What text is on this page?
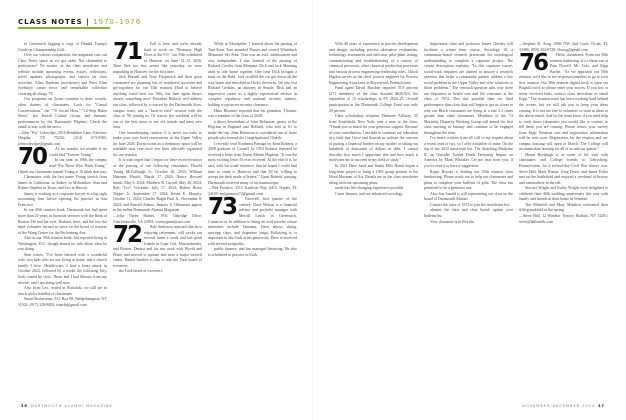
CLASS NOTES | 1970–1976

in Greenwich lugging a copy of Donald Trump's Guide on Championship Golf.

Over our various conjunction, the magazine cuts our Class Notes space as we get older. Not channeled to professions? No matter, as the class newsletter and website include upcoming events, essays, reflections, travel updates, photographs, and reports on class activities. Allen Dunham (newsletter) and Peter Elias (website) curate news and remarkable collection covering all things '70.

Our programs on Zoom continue to draw crowds, often dozens of classmates. Look for "Casual Conversations," the "'70 Social Hour," "12-Step Baker Street," the Jewish Culture Group, and thematic performances by the Dartmouth Pilgrims. Check the email to stay with the news.

—John "Pat" Colavolpe, 2016 Breakline Lane, Fairview Heights, TX 75234; (214) 673-9385; johncolavolpe@gmail.com

70	As we wander, we wonder if we could find "Forever Young."

In our stint, in 1966, the campus read "For Those Who Think Young." I think our classmates named Young at 18 think that way.

Classmates with the last name Young stretch from James in California, to Sidney in Milwaukee, Stan and Robert Stephen in Texas, and Leo in Hawaii.

James is working as a corporate lawyer at a big sight accounting firm before opening his practice in San Francisco.

In our 50th reunion book, Dartmouth has had spent more than 20 years in financial services with the Bank of Boston. He and his wife, Barbara, have, and the two the third volunteer invited to serve on the board of trustees of the Wang Center for the Performing Arts.

Also in our 50th reunion book, Sid reported living in Washington, D.C. though shared no info about what he was doing.

Stan writes, "I've been blessed with a wonderful wife, two kids who are not living at home, and a church family I love. Health-wise, I had a heart attack in October 2022, followed by a stroke the following July, both caused by clots. These and I had fibrosis from my service, and I am doing well now.

Also from Leo, retired in Honolulu, we still are in touch with a handful of classmates.

Stuart Bochesman, P.O. Box 88, Bridgehampton, NY 11932; (917) 328-0082; stuartb@gmail.com

71	Fall is here and we're already hard at work on "Reunion: High Fives at the 5-0," our 55th scheduled in Hanover on June 12–15, 2026. Time flies too fast, seems like yesterday we were unpacking in Hanover for the first time.

Jack Burnell and Tony Fitzpatrick and their great committee are planning lots of wonderful activities and get-togethers for our 55th reunion. Hard to believe anything could beat our 50th, but then again there's always something new! President Beilock will address our class, followed by a concert by the Dartmouth Aires, campus tours, and a "back-to-class" session with the class of '96 joining us. Of course, the weekend will be one of the best times to see old friends and meet new ones.

One housekeeping caution. It is never too early to make your own hotel reservations in the Upper Valley for June 2026. Dorm rooms as a dormitory space will be available next year once you have officially registered for our reunion.

It is with regret that I report we have received notice of the passing of our following classmates: Harold Young McCullough Jr., October 26, 2023; William Hammer Mesirh, March 17, 2024; Nancy Howard Smith, May 6, 2024; Matthew B. Carroll, May 28, 2024; Bob "Leo" Volckstin, July 17, 2024; Robert Bruce Tepper Jr., September 17, 2024; Kevin E. Murphy, October 11, 2024; Charles Ralph Paul Jr., November 8, 2024; and Russell Adams, January 6. Obituaries appear in the online Dartmouth Alumni Magazine.

—John Owen Haines, 1931 Oakridge Drive, Charlottesville, VA 22903; vomnygmm@aol.com

72	Bob Anderson reported that he is enjoying retirement, still works out several times a week and has great friends in Cape Cod, Massachusetts, and Boston. Dentist and his son work with Wyeth and Pfizer and moved to upstate and near a major biotech center. Daniel Sanders is also to ride the Tuck board of overseers.

the Tuck board of overseers.

While in Montpelier, I learned about the passing of Tom Kent. Tom attended Thayer and owned Whiteback Mountain Ski Area. Tom was an avid outdoorsman and very independent. I also learned of the passing of Richard Cowles from Montana. Dick and Jack Manning used to ride home together. One time Dick brought a mast on the Kuhl. Jack recalled the car got down all the way home and then died in Dick's driveway. We also lost Richard Gedalas, an attorney in Seattle. Rick had an impressive career as a highly experienced advisor in complex regulatory and national security matters, holding a top-secret security clearance.

Hans Bloomer reported that his grandson, Thomas, was a member of the class of 2028.

a direct descendant of John Robinson, pastor to the Pilgrims in England and Holland, who sent so 61 to make the trip. John Robinson is considered one of those people who formed the Congregational Church.

I recently read Northeast Passage by Kent Roberts, a 2008 graduate of Cornell. In 1954 Roberts reported he received a letter from Ernest Martin Hopkins: "It was the most exciting letter I'd ever received. At the end of it, he said, with his usual reticence, that he hoped I could find time to come to Hanover and that I'd be 'willing to accept the desk made of letters.'" Upon Roberts' passing, Dartmouth received many of his manuscripts.

—Ned Prentice, 3313 Tradition Way, #410, Naples, FL 34105; ned.prentice72@gmail.com

73	Farewell, first quarter of the century. Dave Wilson is a financial advisor and portfolio manager with Merrill Lynch in Greenwich, Connecticut. In addition to being an avid traveler whose itineraries include Tanzania, Dave enjoys skiing, sporting clays, and Argentine tango. Following it, is important to also look at his generosity. Dave is involved with several nonprofits.

public finance, and has managed financing. He also is scheduled to practice in Utah.

With 48 years of experience in process development and design, including process alternative evaluations, technology assessment and selection, pilot-plant testing, commissioning and troubleshooting of a variety of chemical processes, other chemical production processes and various process engineering leadership roles, Chuck Higdon serves as the chief process engineer for Process Engineering Associates in Royersford, Pennsylvania.

Fund agent David Bracken reported 55.8 percent (271 members) of the class donated $626,924, the equivalent of 15 scholarships in FY 2024–25. Overall participation in the Dartmouth College Fund was only 29 percent.

Class scholarship recipient Ebenezer Allaway '25 from Southfield, New York, sent a note to the class: "Thank you so much for your generous support. Because of your contribution, I am able to continue my education in a field that I love and flourish in without the concern of putting a financial burden on my mother or taking out hundreds of thousands of dollars in debt. I cannot describe how much I appreciate this and how much it motivates me to succeed in my field of study."

In 2021 Dave Sand and Sandy Ellis Hemit began a long-term project to bring a 1983 group portrait to the Hood Museum of Art. Details are in the class newsletter along with our upcoming plans.

made this life-changing experience possible.

Come January, and tax-enhanced sociology.

department chair and professor James Chesley will facilitate a winter term course, Sociology 10, a community-based research practicum for sociological understanding to complete a capstone project. The course description explains, "In this capstone course, social-track inquiries are charted to answer a research question that helps a community partner address a key social problem in the Upper Valley and offer solutions to those problems." The research question asks why there are disparities in health care and life outcomes in the class of 1974. This slot possible than our third performance than class data will begin to get us closer to why our Black classmates are dying at a rate 2.3 times greater than other classmates. Members of the '74 Mortality Disparity Working Group will attend the first class meeting in January and continue to be engaged throughout the term.

I've heard crickets from all y'all to my request about a recent read or two, so I offer a number of mine. On the top of my 2025 must-read list: The Attacking Medicine II, an Outsider Turned Death Defeating Impact on America by Mark Whitaker. Let me hear from you, if you've read it or have a suggestion.

Roger Brooks is leading our 50th reunion class fundraising. Please reach out to help our classmates and plans to complete your bulletin of gifts. The class has promised to be a generous one.

Also Sue Arnold is still representing our class on the board of Dartmouth Alumni.

Contact the class of 1974 to join the newsletter list.

alumni, the class and class board: update your bulletin list.

Your classmate is in Florida.

—Stephen B. Arog, 4596 NW 2nd Court, Ocala, FL 33480; (850) 302-8728; flsarog@gmail.com

76	Hello, classmates. From our 50th reunion leadership: it's a shout-out of Pam Dowell, Mr. Cole, and Kipp Barber. "As we approach our 50th reunion, we'd like to see in-person numbers to go to your first reunion. Our 50th reunion digital book is open via BrightCrowd, so please enter your stories. If you lost or never received links, contact class newsletter or email Kipp." The reunion team has been working hard behind the scenes, but we still ask you to keep your ideas coming. It is not too late to volunteer or send in ideas to the above email. And let the team know if you need help to track down classmates you would like to contact, to tell them you are coming. Please return your survey from Kipp. Reunion cost and registration information will be sent soon. Registration for the reunion and on-campus housing will open in March. The College will accommodate housing for all of us and our guests."

Shaun Horbaugh is at some of his visit with classmates and College friends to Gettysburg, Pennsylvania, for a several-day Civil War history tour. Steve Hall, Mark Hunter, Greg Davis, and Jamie Fodor met on the battlefield and enjoyed a weekend of history and camaraderie in the fall.

Stewart Wright and Kathy Wright were delighted to celebrate their 40th wedding anniversary this year with family and friends at their home in Vermont.

Tim Mihalich and Mary Mihalich welcomed their fifth grandchild in the spring.

—Steve Hall, 12 Windsor Terrace, Buffalo, NY 14201; steve@hallsmith.com

36 DARTMOUTH ALUMNI MAGAZINE	NOVEMBER/DECEMBER 2024 37
